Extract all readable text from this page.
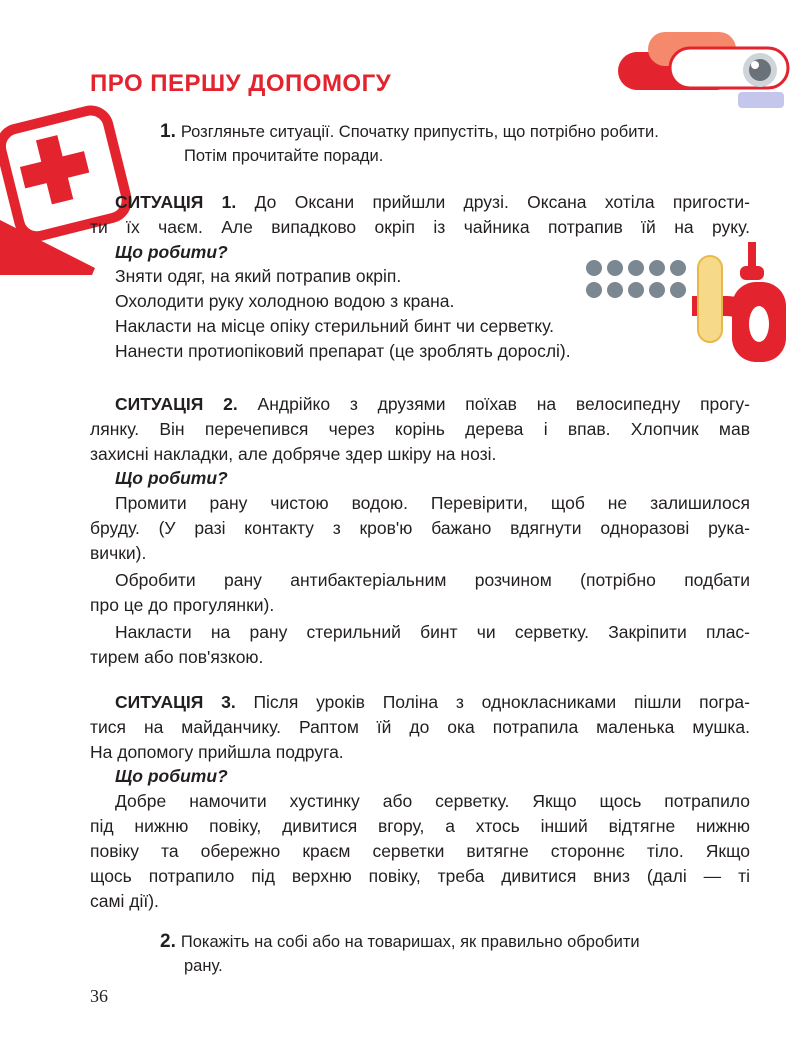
ПРО ПЕРШУ ДОПОМОГУ
1. Розгляньте ситуації. Спочатку припустіть, що потрібно робити.
Потім прочитайте поради.
СИТУАЦІЯ 1. До Оксани прийшли друзі. Оксана хотіла пригости-
ти їх чаєм. Але випадково окріп із чайника потрапив їй на руку.
Що робити?
Зняти одяг, на який потрапив окріп.
Охолодити руку холодною водою з крана.
Накласти на місце опіку стерильний бинт чи серветку.
Нанести протиопіковий препарат (це зроблять дорослі).
СИТУАЦІЯ 2. Андрійко з друзями поїхав на велосипедну прогу-
лянку. Він перечепився через корінь дерева і впав. Хлопчик мав
захисні накладки, але добряче здер шкіру на нозі.
Що робити?
Промити рану чистою водою. Перевірити, щоб не залишилося
бруду. (У разі контакту з кров'ю бажано вдягнути одноразові рука-
вички).
Обробити рану антибактеріальним розчином (потрібно подбати
про це до прогулянки).
Накласти на рану стерильний бинт чи серветку. Закріпити плас-
тирем або пов'язкою.
СИТУАЦІЯ 3. Після уроків Поліна з однокласниками пішли погра-
тися на майданчику. Раптом їй до ока потрапила маленька мушка.
На допомогу прийшла подруга.
Що робити?
Добре намочити хустинку або серветку. Якщо щось потрапило
під нижню повіку, дивитися вгору, а хтось інший відтягне нижню
повіку та обережно краєм серветки витягне стороннє тіло. Якщо
щось потрапило під верхню повіку, треба дивитися вниз (далі — ті
самі дії).
2. Покажіть на собі або на товаришах, як правильно обробити
рану.
36
